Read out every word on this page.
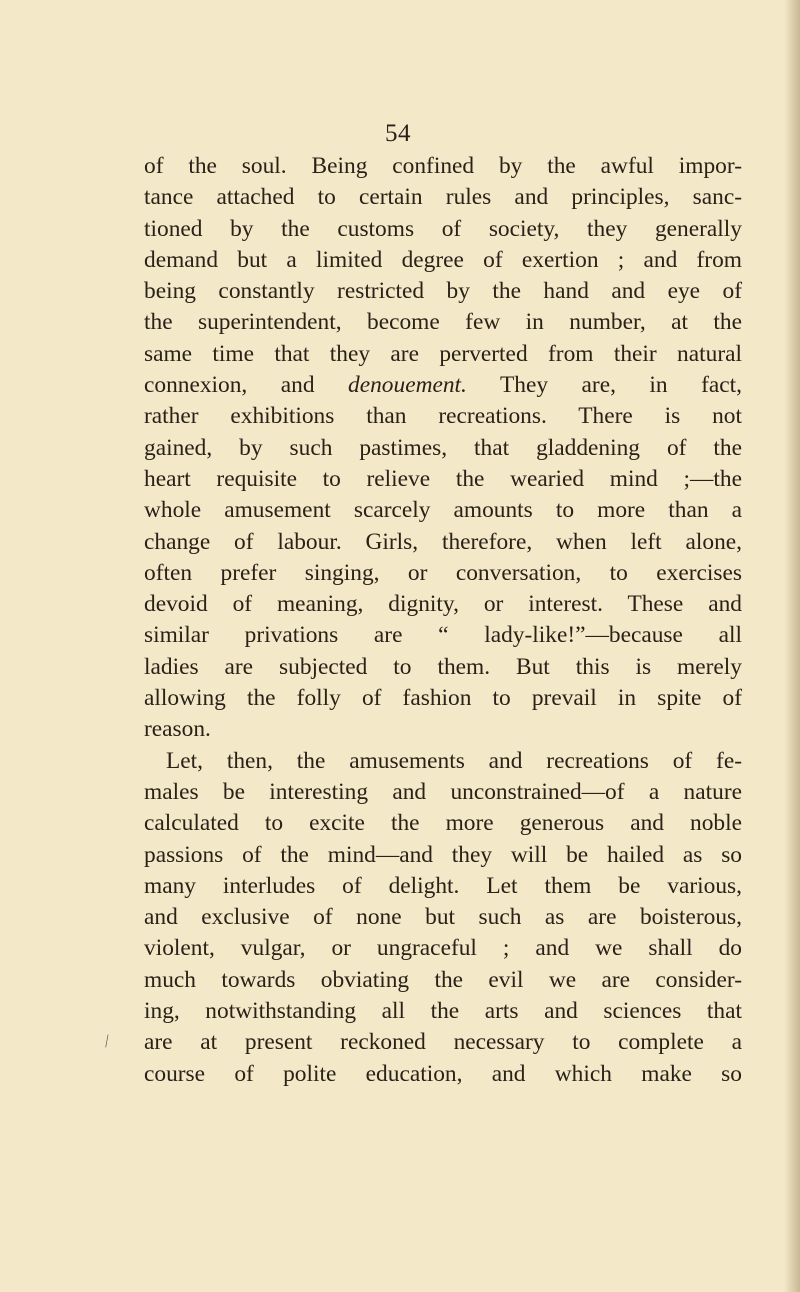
54
⁄
of the soul. Being confined by the awful impor-
tance attached to certain rules and principles, sanc-
tioned by the customs of society, they generally
demand but a limited degree of exertion ; and from
being constantly restricted by the hand and eye of
the superintendent, become few in number, at the
same time that they are perverted from their natural
connexion, and denouement. They are, in fact,
rather exhibitions than recreations. There is not
gained, by such pastimes, that gladdening of the
heart requisite to relieve the wearied mind ;—the
whole amusement scarcely amounts to more than a
change of labour. Girls, therefore, when left alone,
often prefer singing, or conversation, to exercises
devoid of meaning, dignity, or interest. These and
similar privations are “ lady-like!”—because all
ladies are subjected to them. But this is merely
allowing the folly of fashion to prevail in spite of
reason.
Let, then, the amusements and recreations of fe-
males be interesting and unconstrained—of a nature
calculated to excite the more generous and noble
passions of the mind—and they will be hailed as so
many interludes of delight. Let them be various,
and exclusive of none but such as are boisterous,
violent, vulgar, or ungraceful ; and we shall do
much towards obviating the evil we are consider-
ing, notwithstanding all the arts and sciences that
are at present reckoned necessary to complete a
course of polite education, and which make so
